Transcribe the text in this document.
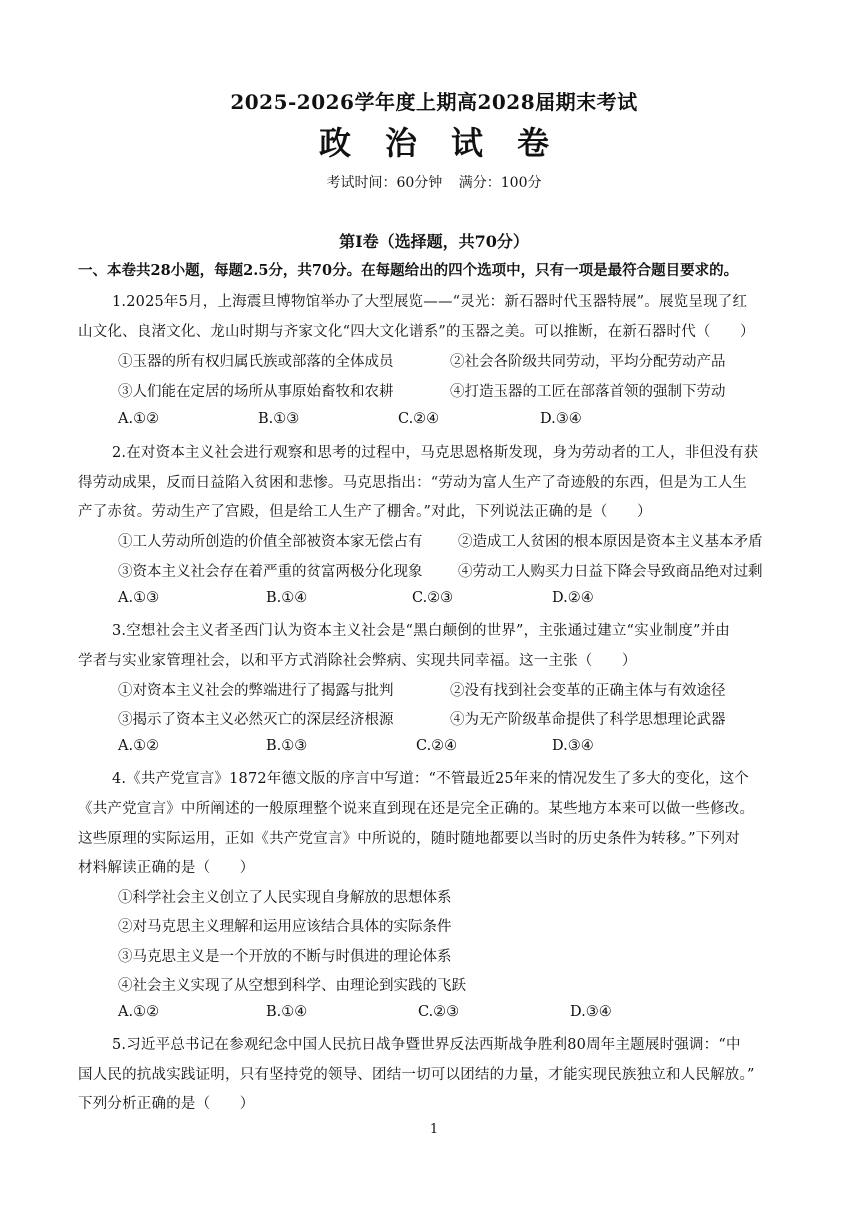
2025-2026学年度上期高2028届期末考试
政治试卷
考试时间：60分钟 满分：100分
第Ⅰ卷（选择题，共70分）
一、本卷共28小题，每题2.5分，共70分。在每题给出的四个选项中，只有一项是最符合题目要求的。
1.2025年5月，上海震旦博物馆举办了大型展览——“灵光：新石器时代玉器特展”。展览呈现了红
山文化、良渚文化、龙山时期与齐家文化“四大文化谱系”的玉器之美。可以推断，在新石器时代（　　）
①玉器的所有权归属氏族或部落的全体成员	②社会各阶级共同劳动，平均分配劳动产品
③人们能在定居的场所从事原始畜牧和农耕	④打造玉器的工匠在部落首领的强制下劳动
A.①②	B.①③	C.②④	D.③④
2.在对资本主义社会进行观察和思考的过程中，马克思恩格斯发现，身为劳动者的工人，非但没有获
得劳动成果，反而日益陷入贫困和悲惨。马克思指出：“劳动为富人生产了奇迹般的东西，但是为工人生
产了赤贫。劳动生产了宫殿，但是给工人生产了棚舍。”对此，下列说法正确的是（　　）
①工人劳动所创造的价值全部被资本家无偿占有 ②造成工人贫困的根本原因是资本主义基本矛盾
③资本主义社会存在着严重的贫富两极分化现象 ④劳动工人购买力日益下降会导致商品绝对过剩
A.①③	B.①④	C.②③	D.②④
3.空想社会主义者圣西门认为资本主义社会是“黑白颠倒的世界”，主张通过建立“实业制度”并由
学者与实业家管理社会，以和平方式消除社会弊病、实现共同幸福。这一主张（　　）
①对资本主义社会的弊端进行了揭露与批判	②没有找到社会变革的正确主体与有效途径
③揭示了资本主义必然灭亡的深层经济根源	④为无产阶级革命提供了科学思想理论武器
A.①②	B.①③	C.②④	D.③④
4.《共产党宣言》1872年德文版的序言中写道：“不管最近25年来的情况发生了多大的变化，这个
《共产党宣言》中所阐述的一般原理整个说来直到现在还是完全正确的。某些地方本来可以做一些修改。
这些原理的实际运用，正如《共产党宣言》中所说的，随时随地都要以当时的历史条件为转移。”下列对
材料解读正确的是（　　）
①科学社会主义创立了人民实现自身解放的思想体系
②对马克思主义理解和运用应该结合具体的实际条件
③马克思主义是一个开放的不断与时俱进的理论体系
④社会主义实现了从空想到科学、由理论到实践的飞跃
A.①②	B.①④	C.②③	D.③④
5.习近平总书记在参观纪念中国人民抗日战争暨世界反法西斯战争胜利80周年主题展时强调：“中
国人民的抗战实践证明，只有坚持党的领导、团结一切可以团结的力量，才能实现民族独立和人民解放。”
下列分析正确的是（　　）
1
